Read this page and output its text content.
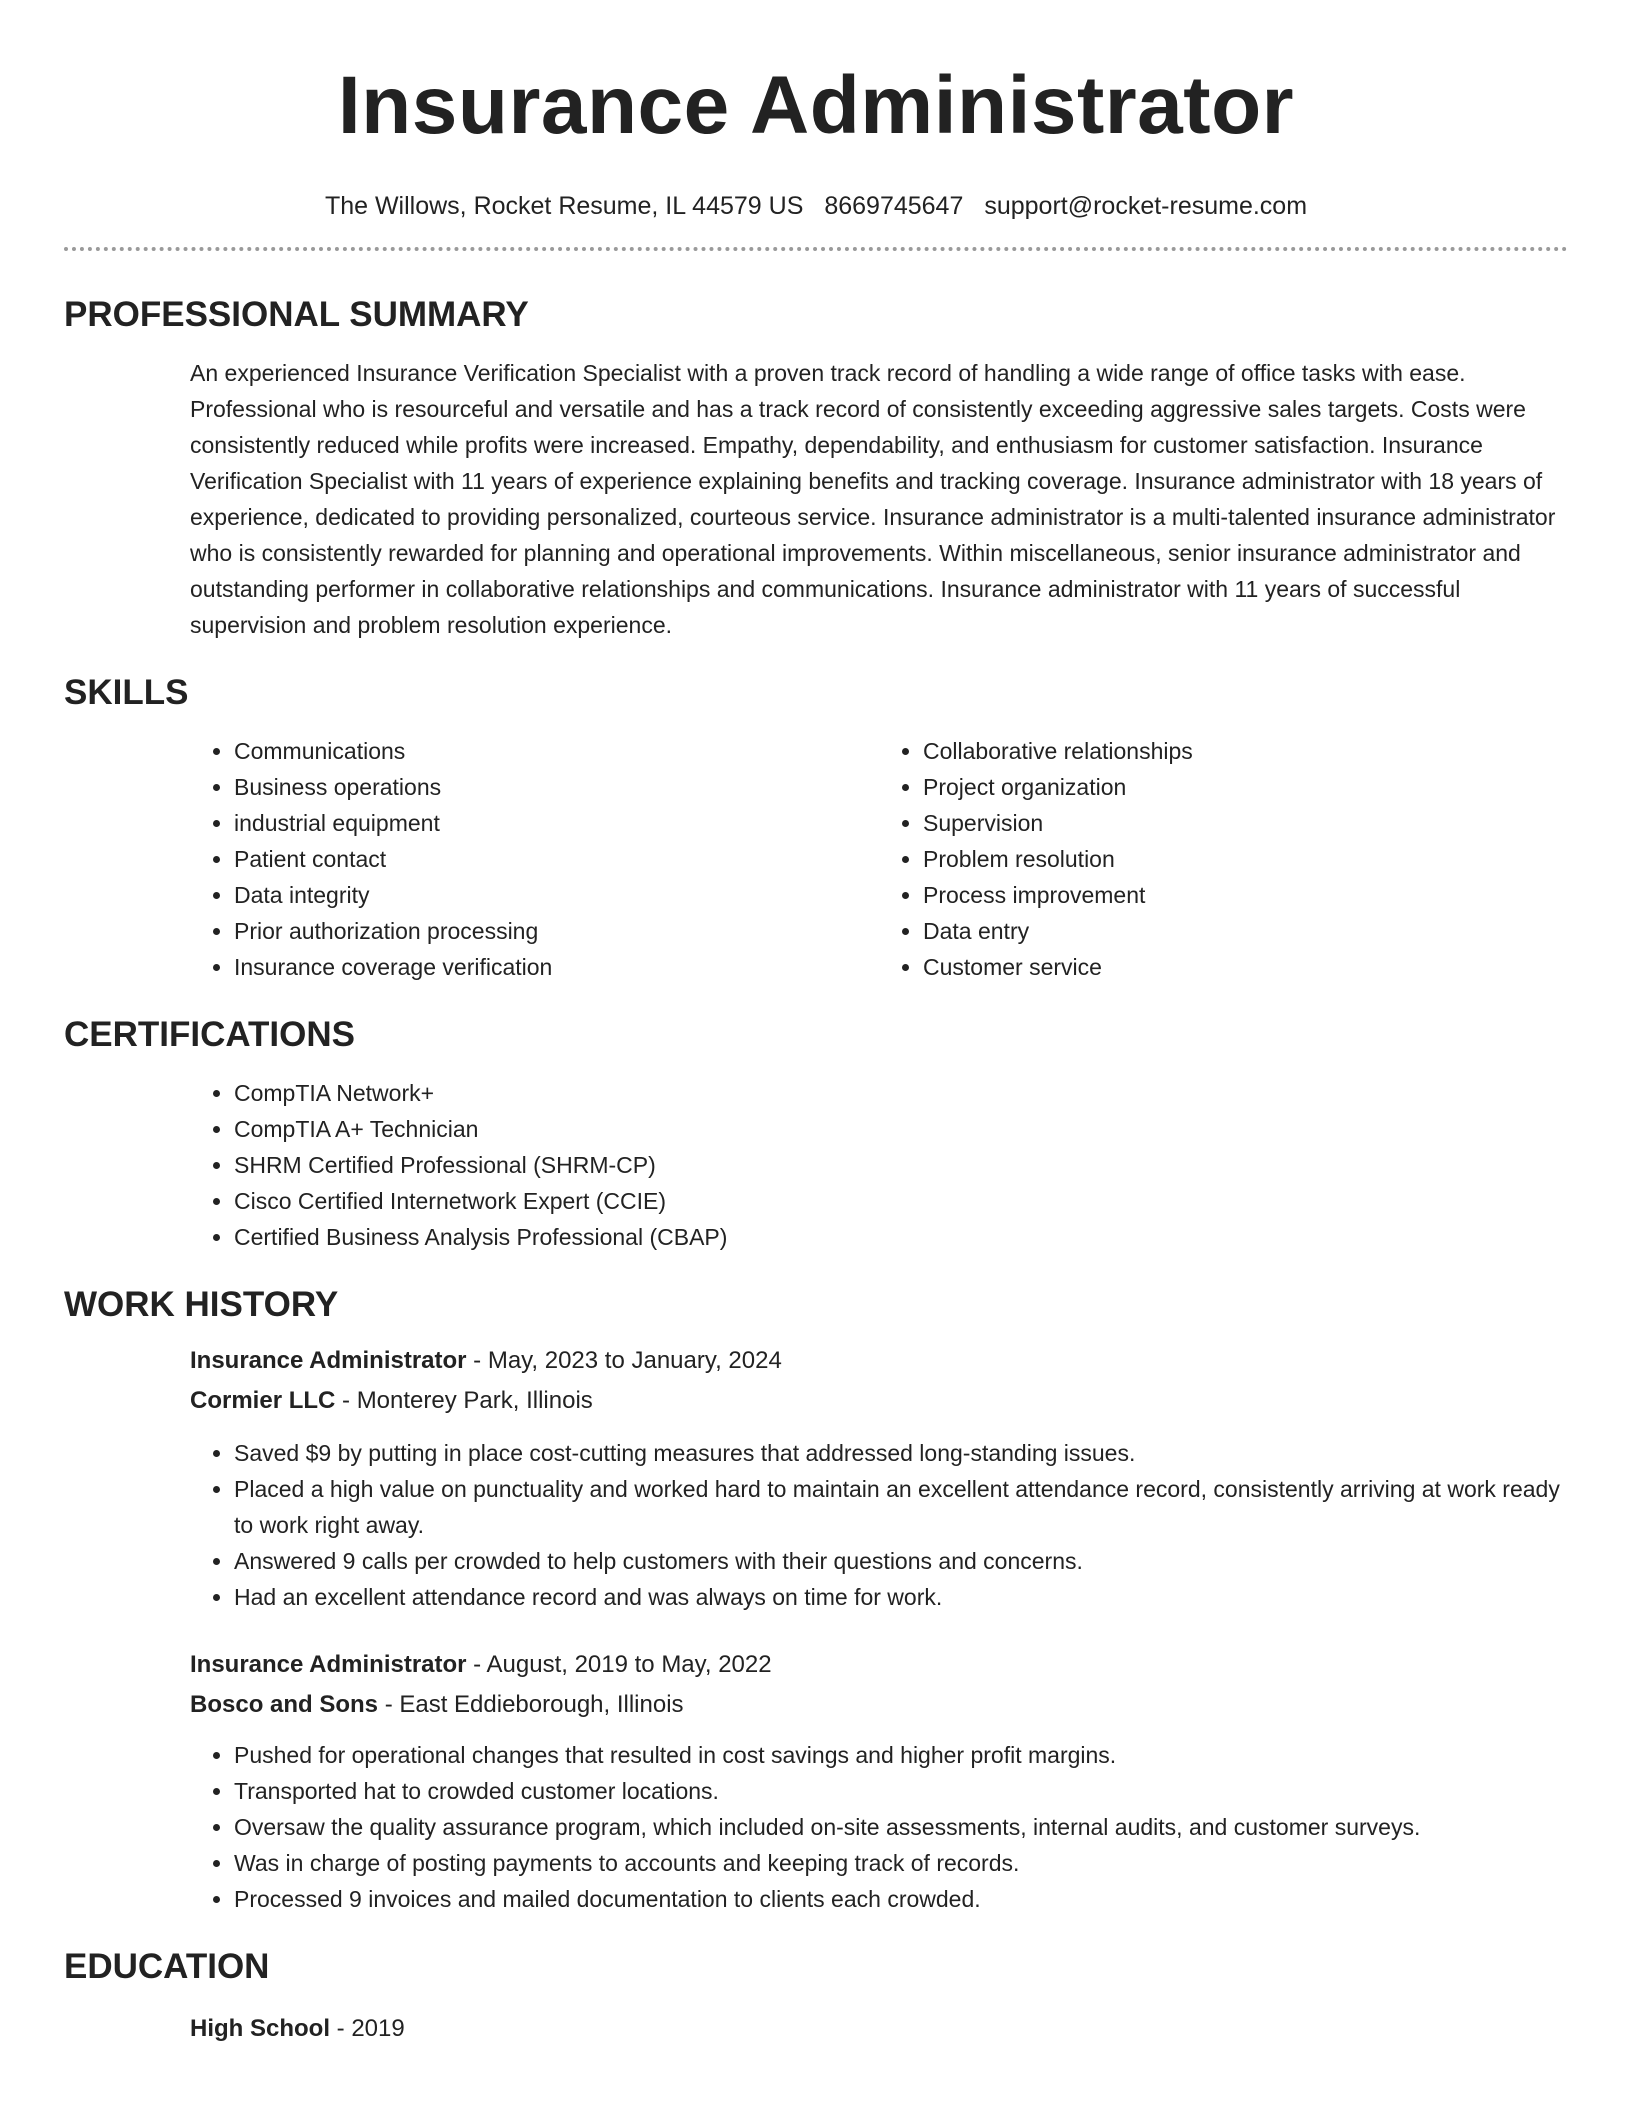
Insurance Administrator
The Willows, Rocket Resume, IL 44579 US 8669745647 support@rocket-resume.com
PROFESSIONAL SUMMARY

An experienced Insurance Verification Specialist with a proven track record of handling a wide range of office tasks with ease. Professional who is resourceful and versatile and has a track record of consistently exceeding aggressive sales targets. Costs were consistently reduced while profits were increased. Empathy, dependability, and enthusiasm for customer satisfaction. Insurance Verification Specialist with 11 years of experience explaining benefits and tracking coverage. Insurance administrator with 18 years of experience, dedicated to providing personalized, courteous service. Insurance administrator is a multi-talented insurance administrator who is consistently rewarded for planning and operational improvements. Within miscellaneous, senior insurance administrator and outstanding performer in collaborative relationships and communications. Insurance administrator with 11 years of successful supervision and problem resolution experience.

SKILLS
• Communications
• Business operations
• industrial equipment
• Patient contact
• Data integrity
• Prior authorization processing
• Insurance coverage verification
• Collaborative relationships
• Project organization
• Supervision
• Problem resolution
• Process improvement
• Data entry
• Customer service
CERTIFICATIONS
• CompTIA Network+
• CompTIA A+ Technician
• SHRM Certified Professional (SHRM-CP)
• Cisco Certified Internetwork Expert (CCIE)
• Certified Business Analysis Professional (CBAP)
WORK HISTORY
Insurance Administrator - May, 2023 to January, 2024
Cormier LLC - Monterey Park, Illinois
• Saved $9 by putting in place cost-cutting measures that addressed long-standing issues.
• Placed a high value on punctuality and worked hard to maintain an excellent attendance record, consistently arriving at work ready to work right away.
• Answered 9 calls per crowded to help customers with their questions and concerns.
• Had an excellent attendance record and was always on time for work.
Insurance Administrator - August, 2019 to May, 2022
Bosco and Sons - East Eddieborough, Illinois
• Pushed for operational changes that resulted in cost savings and higher profit margins.
• Transported hat to crowded customer locations.
• Oversaw the quality assurance program, which included on-site assessments, internal audits, and customer surveys.
• Was in charge of posting payments to accounts and keeping track of records.
• Processed 9 invoices and mailed documentation to clients each crowded.
EDUCATION
High School - 2019
